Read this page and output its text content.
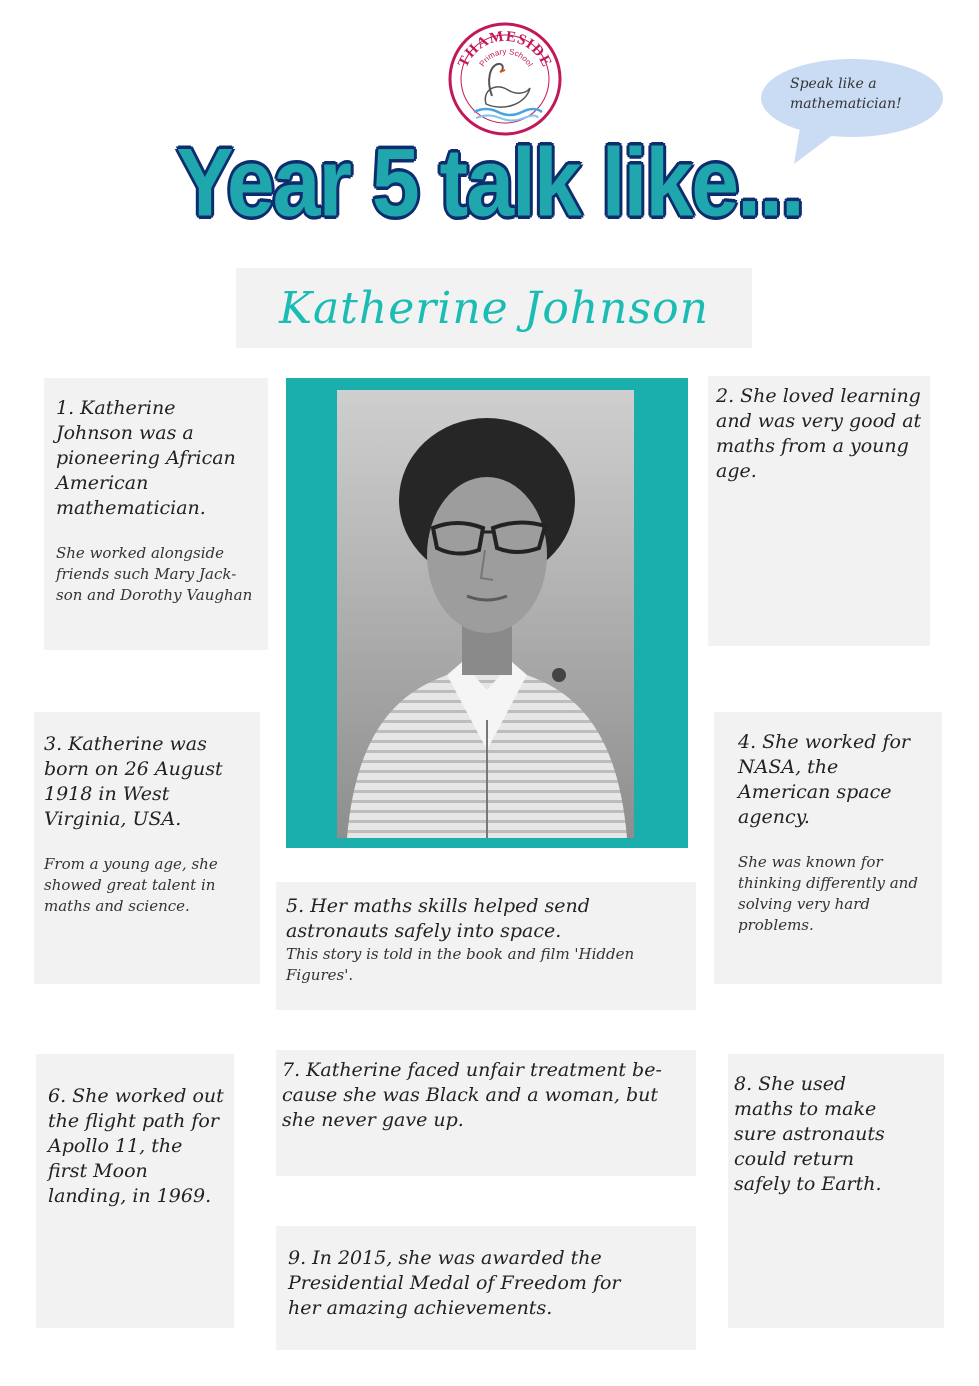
THAMESIDE
Primary School
Speak like a mathematician!
Year 5 talk like...
Katherine Johnson

1. Katherine Johnson was a pioneering African American mathematician.

She worked alongside friends such Mary Jack-son and Dorothy Vaughan

2. She loved learning and was very good at maths from a young age.

3. Katherine was born on 26 August 1918 in West Virginia, USA.

From a young age, she showed great talent in maths and science.

4. She worked for NASA, the American space agency.

She was known for thinking differently and solving very hard problems.

5. Her maths skills helped send astronauts safely into space.

This story is told in the book and film 'Hidden Figures'.

6. She worked out the flight path for Apollo 11, the first Moon landing, in 1969.

7. Katherine faced unfair treatment be-cause she was Black and a woman, but she never gave up.

8. She used maths to make sure astronauts could return safely to Earth.

9. In 2015, she was awarded the Presidential Medal of Freedom for her amazing achievements.
